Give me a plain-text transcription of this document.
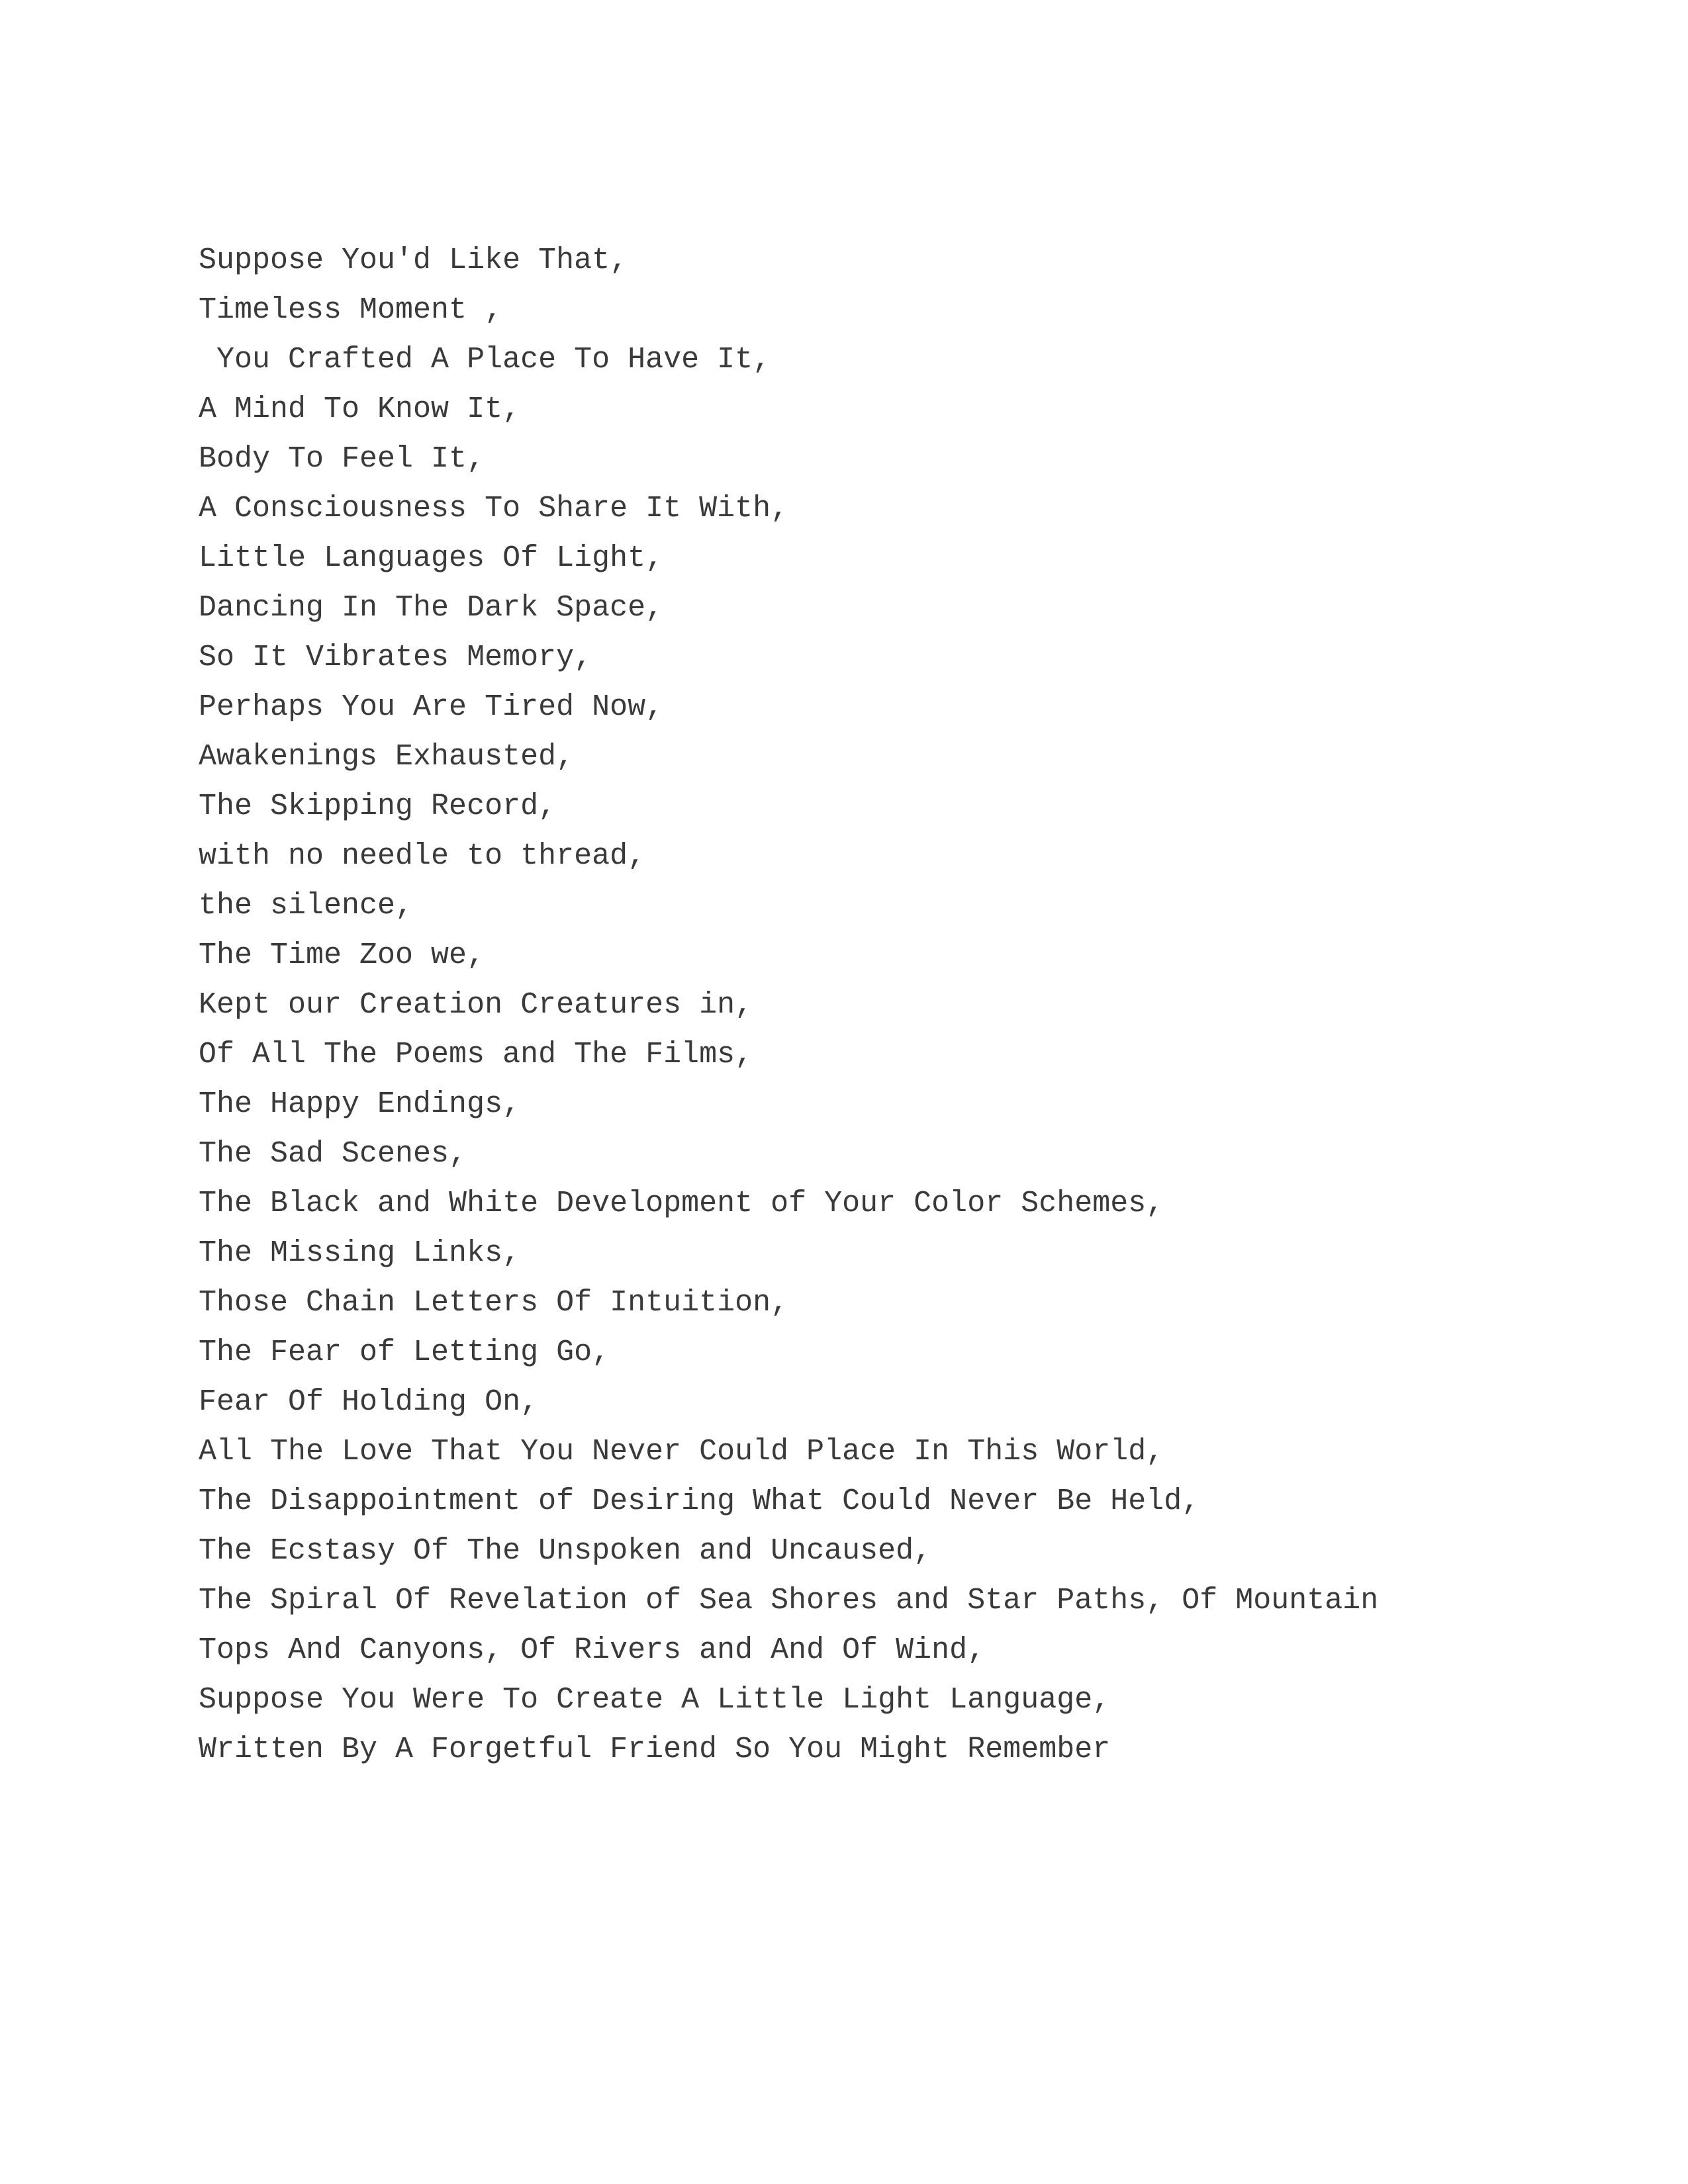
Suppose You'd Like That,
Timeless Moment ,
You Crafted A Place To Have It,
A Mind To Know It,
Body To Feel It,
A Consciousness To Share It With,
Little Languages Of Light,
Dancing In The Dark Space,
So It Vibrates Memory,
Perhaps You Are Tired Now,
Awakenings Exhausted,
The Skipping Record,
with no needle to thread,
the silence,
The Time Zoo we,
Kept our Creation Creatures in,
Of All The Poems and The Films,
The Happy Endings,
The Sad Scenes,
The Black and White Development of Your Color Schemes,
The Missing Links,
Those Chain Letters Of Intuition,
The Fear of Letting Go,
Fear Of Holding On,
All The Love That You Never Could Place In This World,
The Disappointment of Desiring What Could Never Be Held,
The Ecstasy Of The Unspoken and Uncaused,
The Spiral Of Revelation of Sea Shores and Star Paths, Of Mountain
Tops And Canyons, Of Rivers and And Of Wind,
Suppose You Were To Create A Little Light Language,
Written By A Forgetful Friend So You Might Remember
